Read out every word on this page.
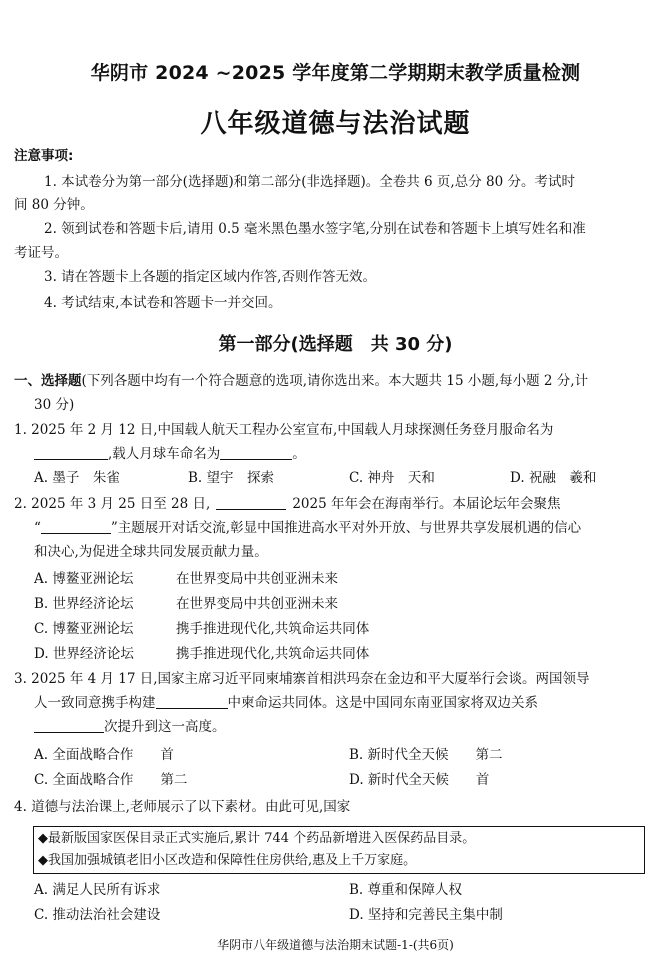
华阴市 2024 ~2025 学年度第二学期期末教学质量检测
八年级道德与法治试题
注意事项:
1. 本试卷分为第一部分(选择题)和第二部分(非选择题)。全卷共 6 页,总分 80 分。考试时
间 80 分钟。
2. 领到试卷和答题卡后,请用 0.5 毫米黑色墨水签字笔,分别在试卷和答题卡上填写姓名和准
考证号。
3. 请在答题卡上各题的指定区域内作答,否则作答无效。
4. 考试结束,本试卷和答题卡一并交回。
第一部分(选择题　共 30 分)
一、选择题(下列各题中均有一个符合题意的选项,请你选出来。本大题共 15 小题,每小题 2 分,计
30 分)
1. 2025 年 2 月 12 日,中国载人航天工程办公室宣布,中国载人月球探测任务登月服命名为
,载人月球车命名为	。
A. 墨子　朱雀	B. 望宇　探索	C. 神舟　天和	D. 祝融　羲和
2. 2025 年 3 月 25 日至 28 日,	2025 年年会在海南举行。本届论坛年会聚焦
“	”主题展开对话交流,彰显中国推进高水平对外开放、与世界共享发展机遇的信心
和决心,为促进全球共同发展贡献力量。
A. 博鳌亚洲论坛	在世界变局中共创亚洲未来
B. 世界经济论坛	在世界变局中共创亚洲未来
C. 博鳌亚洲论坛	携手推进现代化,共筑命运共同体
D. 世界经济论坛	携手推进现代化,共筑命运共同体
3. 2025 年 4 月 17 日,国家主席习近平同柬埔寨首相洪玛奈在金边和平大厦举行会谈。两国领导
人一致同意携手构建	中柬命运共同体。这是中国同东南亚国家将双边关系
次提升到这一高度。
A. 全面战略合作　　首	B. 新时代全天候　　第二
C. 全面战略合作　　第二	D. 新时代全天候　　首
4. 道德与法治课上,老师展示了以下素材。由此可见,国家
◆最新版国家医保目录正式实施后,累计 744 个药品新增进入医保药品目录。
◆我国加强城镇老旧小区改造和保障性住房供给,惠及上千万家庭。
A. 满足人民所有诉求	B. 尊重和保障人权
C. 推动法治社会建设	D. 坚持和完善民主集中制
华阴市八年级道德与法治期末试题-1-(共6页)
